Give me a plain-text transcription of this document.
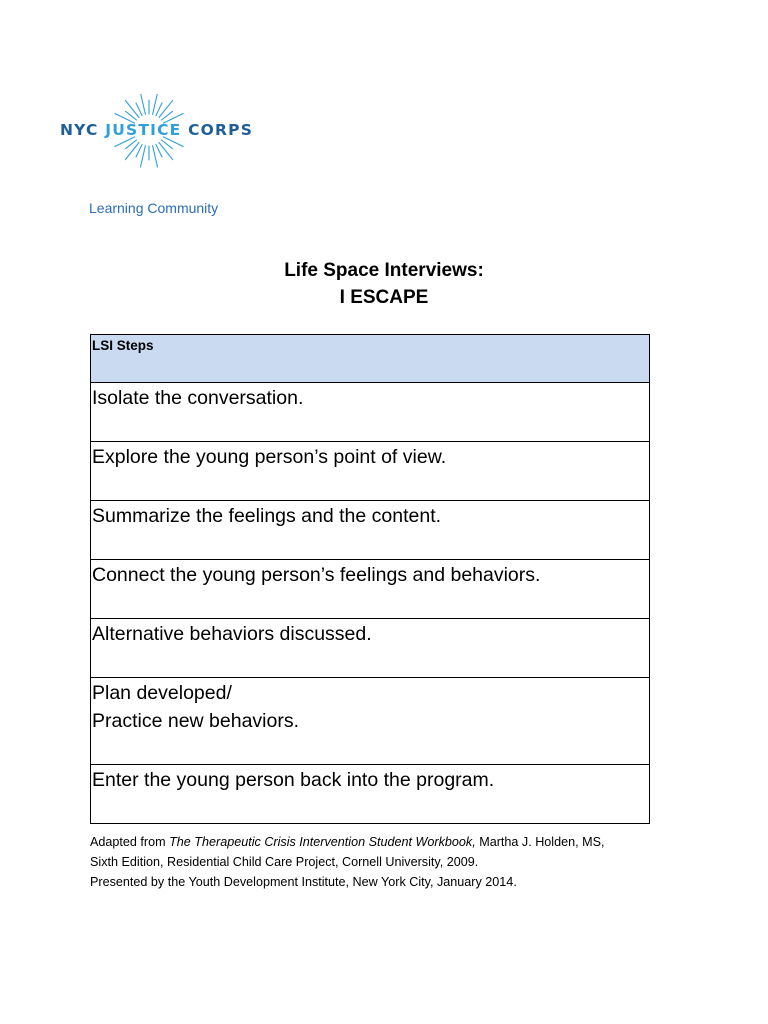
NYC JUSTICE CORPS
Learning Community
Life Space Interviews:
I ESCAPE
LSI Steps
Isolate the conversation.
Explore the young person’s point of view.
Summarize the feelings and the content.
Connect the young person’s feelings and behaviors.
Alternative behaviors discussed.
Plan developed/
Practice new behaviors.
Enter the young person back into the program.
Adapted from The Therapeutic Crisis Intervention Student Workbook, Martha J. Holden, MS,
Sixth Edition, Residential Child Care Project, Cornell University, 2009.
Presented by the Youth Development Institute, New York City, January 2014.
